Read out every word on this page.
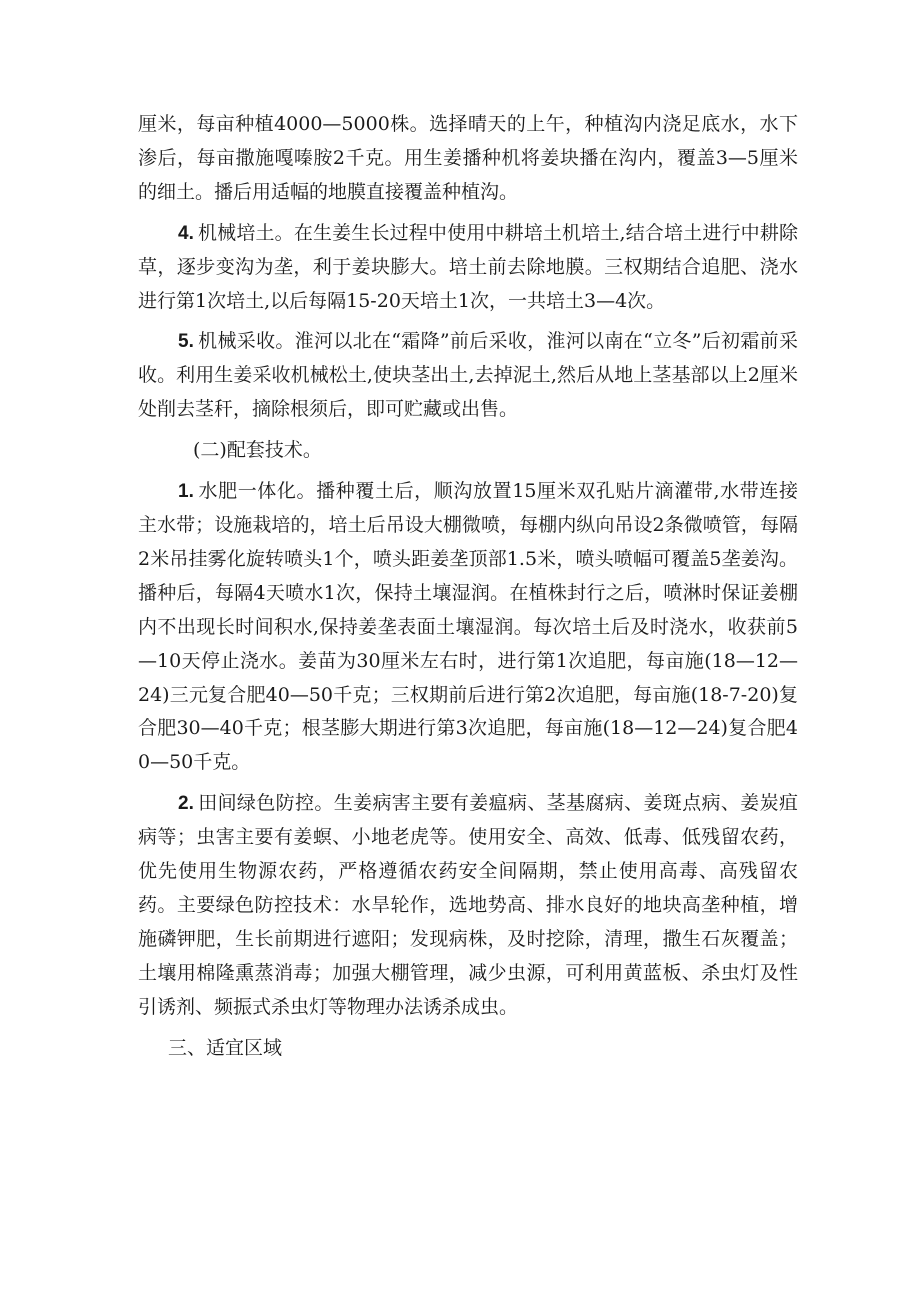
厘米，每亩种植4000—5000株。选择晴天的上午，种植沟内浇足底水，水下渗后，每亩撒施嘎嗪胺2千克。用生姜播种机将姜块播在沟内，覆盖3—5厘米的细土。播后用适幅的地膜直接覆盖种植沟。

4. 机械培土。在生姜生长过程中使用中耕培土机培土,结合培土进行中耕除草，逐步变沟为垄，利于姜块膨大。培土前去除地膜。三权期结合追肥、浇水进行第1次培土,以后每隔15-20天培土1次，一共培土3—4次。

5. 机械采收。淮河以北在“霜降”前后采收，淮河以南在“立冬”后初霜前采收。利用生姜采收机械松土,使块茎出土,去掉泥土,然后从地上茎基部以上2厘米处削去茎秆，摘除根须后，即可贮藏或出售。

(二)配套技术。

1. 水肥一体化。播种覆土后，顺沟放置15厘米双孔贴片滴灌带,水带连接主水带；设施栽培的，培土后吊设大棚微喷，每棚内纵向吊设2条微喷管，每隔2米吊挂雾化旋转喷头1个，喷头距姜垄顶部1.5米，喷头喷幅可覆盖5垄姜沟。播种后，每隔4天喷水1次，保持土壤湿润。在植株封行之后，喷淋时保证姜棚内不出现长时间积水,保持姜垄表面土壤湿润。每次培土后及时浇水，收获前5—10天停止浇水。姜苗为30厘米左右时，进行第1次追肥，每亩施(18—12—24)三元复合肥40—50千克；三权期前后进行第2次追肥，每亩施(18-7-20)复合肥30—40千克；根茎膨大期进行第3次追肥，每亩施(18—12—24)复合肥40—50千克。

2. 田间绿色防控。生姜病害主要有姜瘟病、茎基腐病、姜斑点病、姜炭疽病等；虫害主要有姜螟、小地老虎等。使用安全、高效、低毒、低残留农药，优先使用生物源农药，严格遵循农药安全间隔期，禁止使用高毒、高残留农药。主要绿色防控技术：水旱轮作，选地势高、排水良好的地块高垄种植，增施磷钾肥，生长前期进行遮阳；发现病株，及时挖除，清理，撒生石灰覆盖；土壤用棉隆熏蒸消毒；加强大棚管理，减少虫源，可利用黄蓝板、杀虫灯及性引诱剂、频振式杀虫灯等物理办法诱杀成虫。

三、适宜区域
